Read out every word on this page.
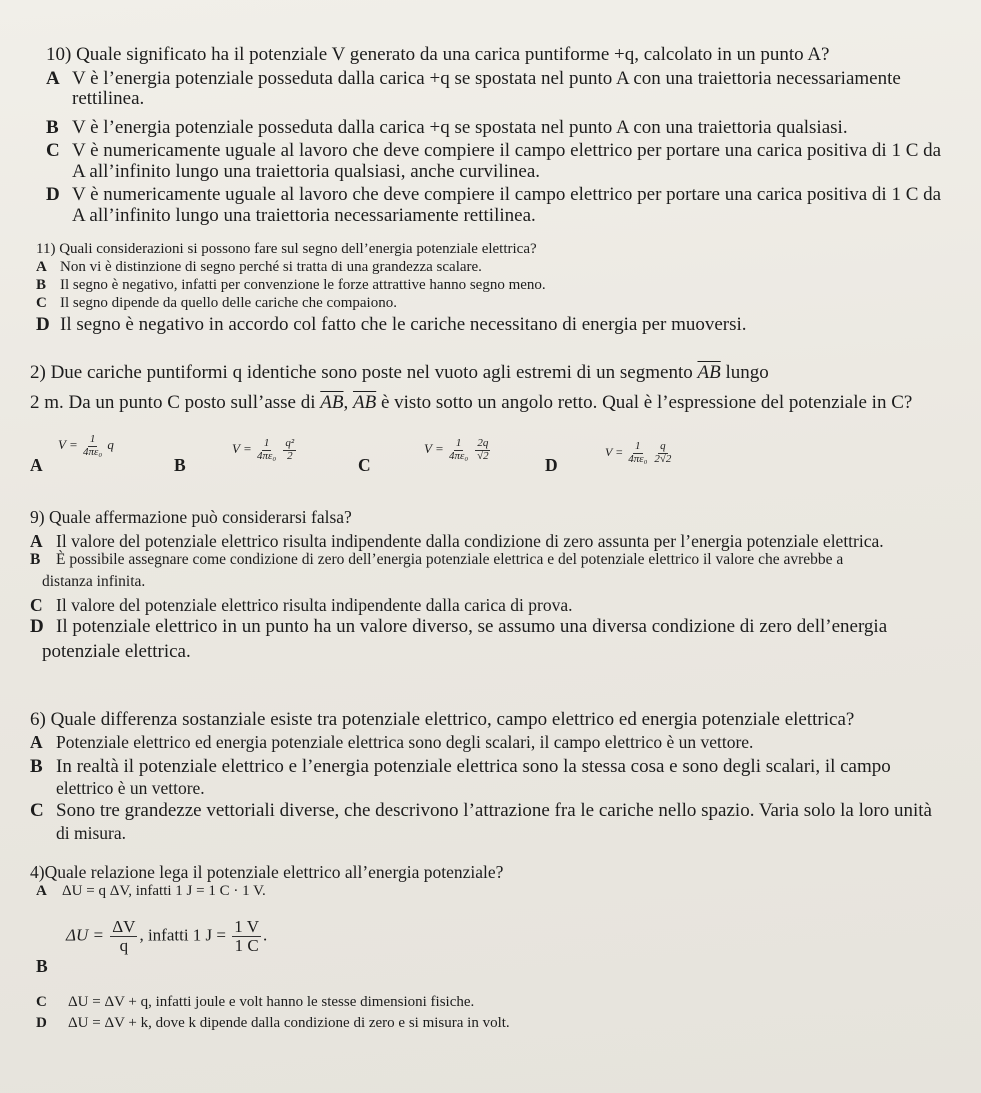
10) Quale significato ha il potenziale V generato da una carica puntiforme +q, calcolato in un punto A?
A V è l’energia potenziale posseduta dalla carica +q se spostata nel punto A con una traiettoria necessariamente
rettilinea.
B V è l’energia potenziale posseduta dalla carica +q se spostata nel punto A con una traiettoria qualsiasi.
C V è numericamente uguale al lavoro che deve compiere il campo elettrico per portare una carica positiva di 1 C da
A all’infinito lungo una traiettoria qualsiasi, anche curvilinea.
D V è numericamente uguale al lavoro che deve compiere il campo elettrico per portare una carica positiva di 1 C da
A all’infinito lungo una traiettoria necessariamente rettilinea.
11) Quali considerazioni si possono fare sul segno dell’energia potenziale elettrica?
A Non vi è distinzione di segno perché si tratta di una grandezza scalare.
B Il segno è negativo, infatti per convenzione le forze attrattive hanno segno meno.
C Il segno dipende da quello delle cariche che compaiono.
D Il segno è negativo in accordo col fatto che le cariche necessitano di energia per muoversi.
2) Due cariche puntiformi q identiche sono poste nel vuoto agli estremi di un segmento $\overline{AB}$ lungo
2 m. Da un punto C posto sull’asse di $\overline{AB}$, $\overline{AB}$ è visto sotto un angolo retto. Qual è l’espressione del potenziale in C?
A
$V = \frac{1}{\text{4πε₀}}$ q
B
$V = \frac{1}{\text{4πε₀}}$
$\frac{\text{q²}}{2}$
C
$V = \frac{1}{\text{4πε₀}}$
$\frac{2q}{√2}$
D
$V = \frac{1}{\text{4πε₀}}$
$\frac{q}{2√2}$
9) Quale affermazione può considerarsi falsa?
A Il valore del potenziale elettrico risulta indipendente dalla condizione di zero assunta per l’energia potenziale elettrica.
B È possibile assegnare come condizione di zero dell’energia potenziale elettrica e del potenziale elettrico il valore che avrebbe a
distanza infinita.
C Il valore del potenziale elettrico risulta indipendente dalla carica di prova.
D Il potenziale elettrico in un punto ha un valore diverso, se assumo una diversa condizione di zero dell’energia
potenziale elettrica.
6) Quale differenza sostanziale esiste tra potenziale elettrico, campo elettrico ed energia potenziale elettrica?
A Potenziale elettrico ed energia potenziale elettrica sono degli scalari, il campo elettrico è un vettore.
B In realtà il potenziale elettrico e l’energia potenziale elettrica sono la stessa cosa e sono degli scalari, il campo
elettrico è un vettore.
C Sono tre grandezze vettoriali diverse, che descrivono l’attrazione fra le cariche nello spazio. Varia solo la loro unità
di misura.
4)Quale relazione lega il potenziale elettrico all’energia potenziale?
A ΔU = q ΔV, infatti 1 J = 1 C · 1 V.
B
$\Delta U = \frac{\Delta V}{q}$ , infatti 1 $J = \frac{1 V}{1 C}$ .
C ΔU = ΔV + q, infatti joule e volt hanno le stesse dimensioni fisiche.
D ΔU = ΔV + k, dove k dipende dalla condizione di zero e si misura in volt.
